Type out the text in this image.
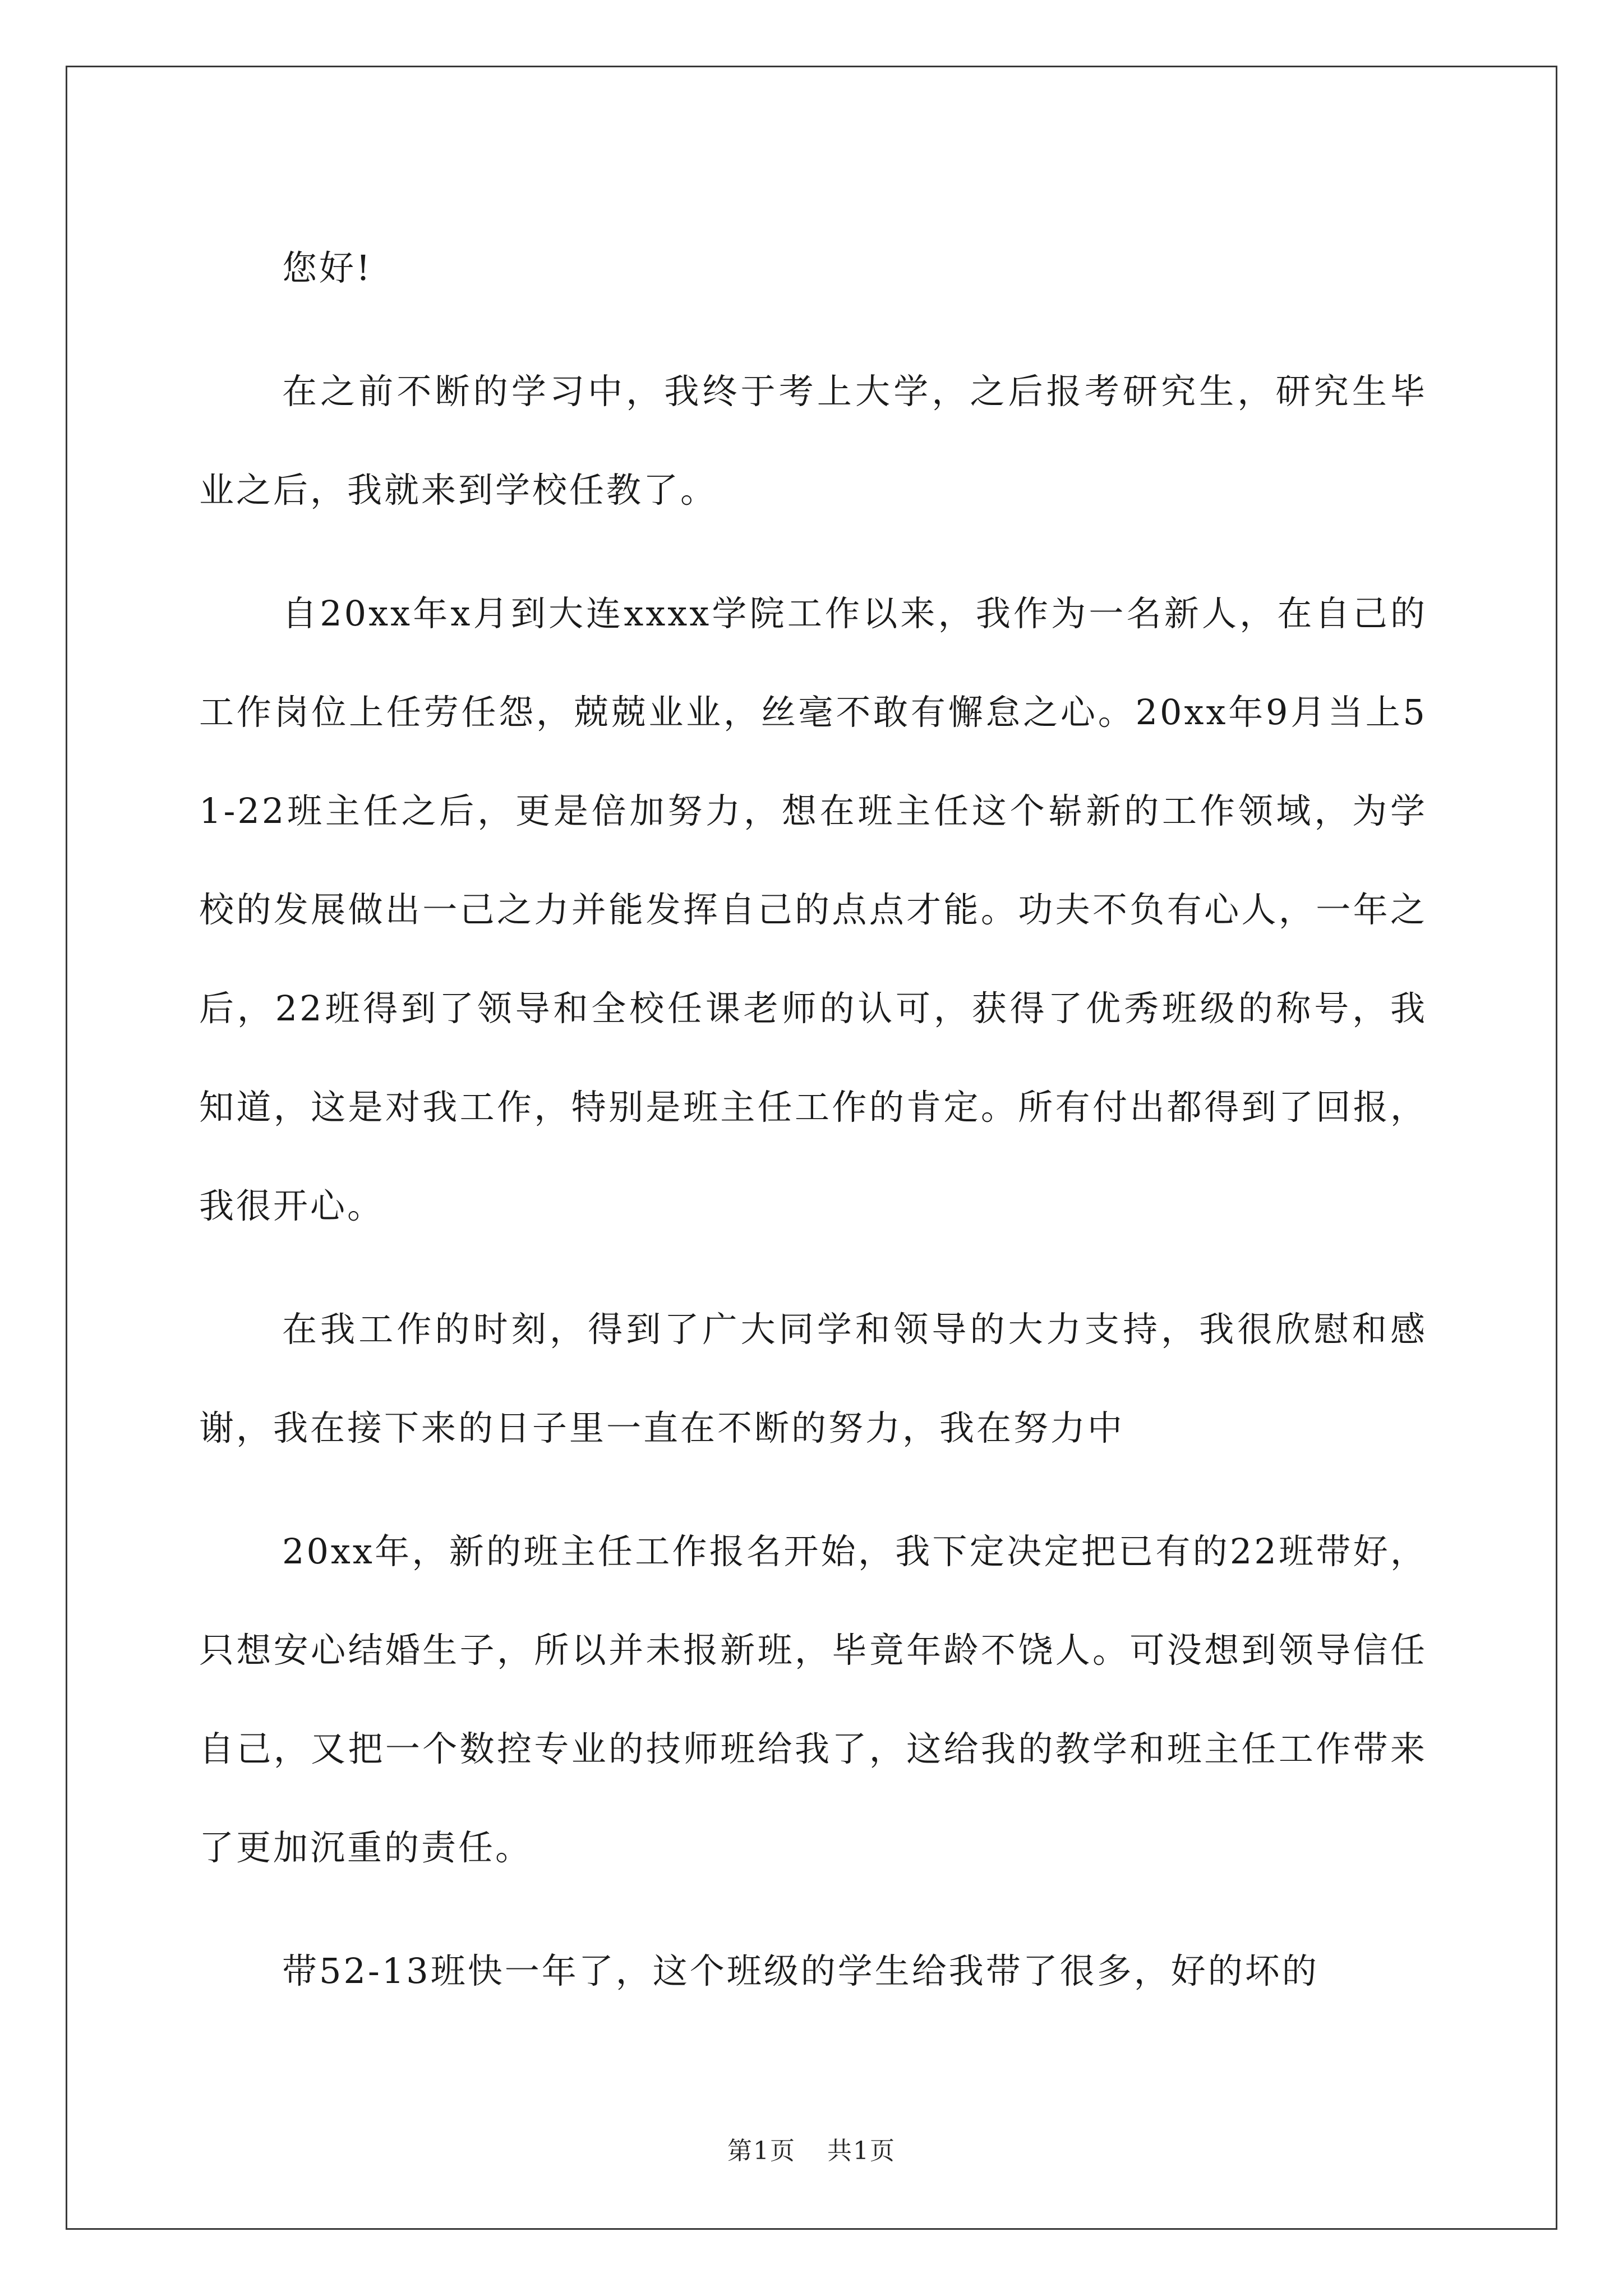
您好!

在之前不断的学习中，我终于考上大学，之后报考研究生，研究生毕业之后，我就来到学校任教了。

自20xx年x月到大连xxxx学院工作以来，我作为一名新人，在自己的工作岗位上任劳任怨，兢兢业业，丝毫不敢有懈怠之心。20xx年9月当上51-22班主任之后，更是倍加努力，想在班主任这个崭新的工作领域，为学校的发展做出一己之力并能发挥自己的点点才能。功夫不负有心人，一年之后，22班得到了领导和全校任课老师的认可，获得了优秀班级的称号，我知道，这是对我工作，特别是班主任工作的肯定。所有付出都得到了回报，我很开心。

在我工作的时刻，得到了广大同学和领导的大力支持，我很欣慰和感谢，我在接下来的日子里一直在不断的努力，我在努力中

20xx年，新的班主任工作报名开始，我下定决定把已有的22班带好，只想安心结婚生子，所以并未报新班，毕竟年龄不饶人。可没想到领导信任自己，又把一个数控专业的技师班给我了，这给我的教学和班主任工作带来了更加沉重的责任。

带52-13班快一年了，这个班级的学生给我带了很多，好的坏的

第1页 共1页
